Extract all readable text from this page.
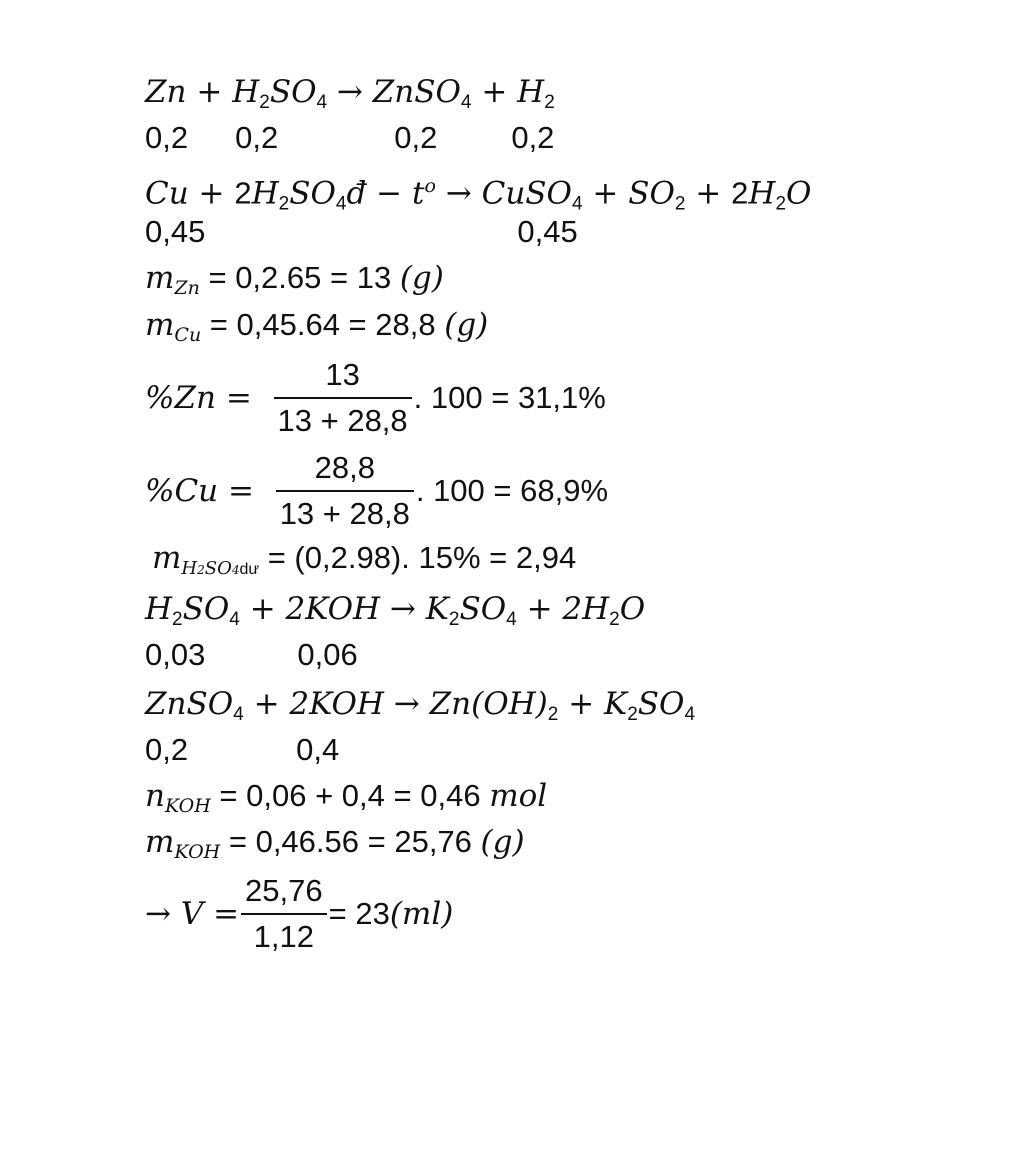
$Zn + H_2SO_4$ → ZnSO$_4$ + $H_2$
0,2 0,2	0,2 0,2
$Cu + 2H_2SO_4đ - t^o$ → CuSO$_4$ + $SO_2 + 2H_2O$
0,45	0,45
$m_{Zn} = 0,2.65 = 13$ (g)
$m_{Cu} = 0,45.64 = 28,8$ (g)
$\%Zn = \frac{13}{13 + 28,8}$ . 100 = 31,1%
$\%Cu = \frac{28,8}{13 + 28,8}$ . 100 = 68,9%
$m_{H2SO4dư} = (0,2.98)$. 15% = 2,94
$H_2SO_4 + 2KOH \to K_2SO_4 + 2H_2O$
0,03	0,06
ZnSO$_4$ + $2KOH \to Zn(OH)_2 + K_2SO_4$
0,2	0,4
$n_{KOH} = 0,06 + 0,4 = 0,46$ mol
$m_{KOH} = 0,46.56 = 25,76$ (g)
→ $V = \frac{25,76}{1,12} = 23$ (ml)
